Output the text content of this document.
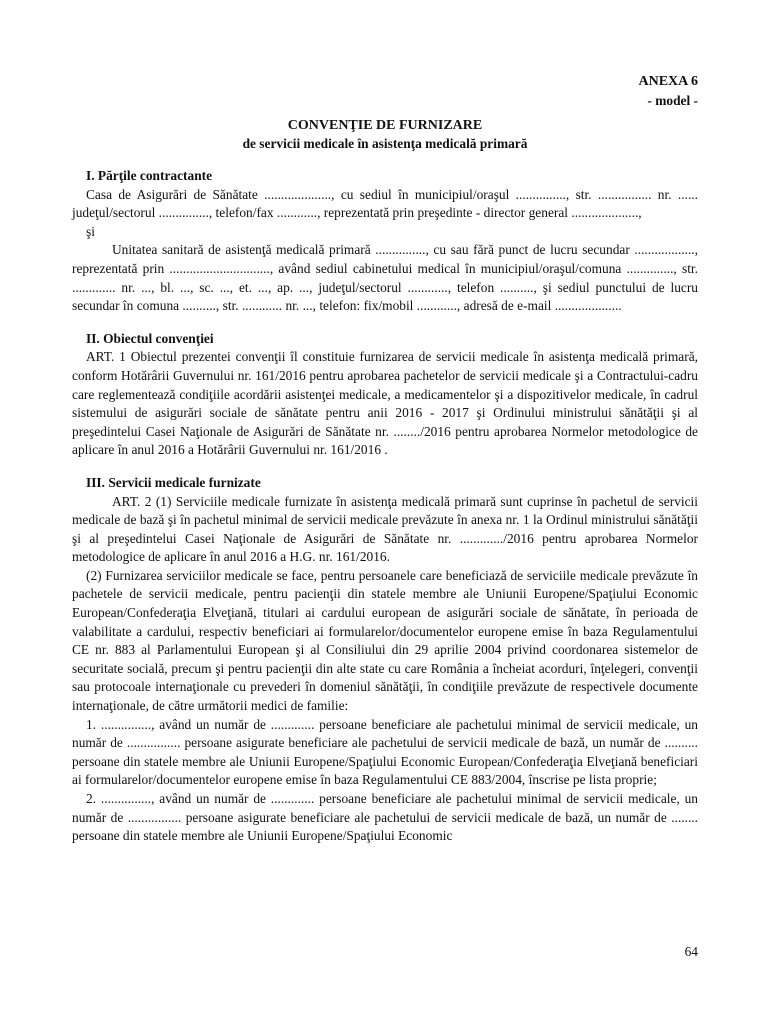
ANEXA 6
- model -
CONVENŢIE DE FURNIZARE
de servicii medicale în asistenţa medicală primară
I. Părţile contractante

Casa de Asigurări de Sănătate ...................., cu sediul în municipiul/oraşul ..............., str. ................ nr. ...... judeţul/sectorul ..............., telefon/fax ............, reprezentată prin preşedinte - director general ....................,

şi

Unitatea sanitară de asistenţă medicală primară ..............., cu sau fără punct de lucru secundar .................., reprezentată prin .............................., având sediul cabinetului medical în municipiul/oraşul/comuna .............., str. ............. nr. ..., bl. ..., sc. ..., et. ..., ap. ..., judeţul/sectorul ............, telefon .........., şi sediul punctului de lucru secundar în comuna .........., str. ............ nr. ..., telefon: fix/mobil ............, adresă de e-mail ....................

II. Obiectul convenţiei

ART. 1 Obiectul prezentei convenţii îl constituie furnizarea de servicii medicale în asistenţa medicală primară, conform Hotărârii Guvernului nr. 161/2016 pentru aprobarea pachetelor de servicii medicale şi a Contractului-cadru care reglementează condiţiile acordării asistenţei medicale, a medicamentelor şi a dispozitivelor medicale, în cadrul sistemului de asigurări sociale de sănătate pentru anii 2016 - 2017 şi Ordinului ministrului sănătăţii şi al preşedintelui Casei Naţionale de Asigurări de Sănătate nr. ......../2016 pentru aprobarea Normelor metodologice de aplicare în anul 2016 a Hotărârii Guvernului nr. 161/2016 .

III. Servicii medicale furnizate

ART. 2 (1) Serviciile medicale furnizate în asistenţa medicală primară sunt cuprinse în pachetul de servicii medicale de bază şi în pachetul minimal de servicii medicale prevăzute în anexa nr. 1 la Ordinul ministrului sănătăţii şi al preşedintelui Casei Naţionale de Asigurări de Sănătate nr. ............./2016 pentru aprobarea Normelor metodologice de aplicare în anul 2016 a H.G. nr. 161/2016.

(2) Furnizarea serviciilor medicale se face, pentru persoanele care beneficiază de serviciile medicale prevăzute în pachetele de servicii medicale, pentru pacienţii din statele membre ale Uniunii Europene/Spaţiului Economic European/Confederaţia Elveţiană, titulari ai cardului european de asigurări sociale de sănătate, în perioada de valabilitate a cardului, respectiv beneficiari ai formularelor/documentelor europene emise în baza Regulamentului CE nr. 883 al Parlamentului European şi al Consiliului din 29 aprilie 2004 privind coordonarea sistemelor de securitate socială, precum şi pentru pacienţii din alte state cu care România a încheiat acorduri, înţelegeri, convenţii sau protocoale internaţionale cu prevederi în domeniul sănătăţii, în condiţiile prevăzute de respectivele documente internaţionale, de către următorii medici de familie:

1. ..............., având un număr de ............. persoane beneficiare ale pachetului minimal de servicii medicale, un număr de ................ persoane asigurate beneficiare ale pachetului de servicii medicale de bază, un număr de .......... persoane din statele membre ale Uniunii Europene/Spaţiului Economic European/Confederaţia Elveţiană beneficiari ai formularelor/documentelor europene emise în baza Regulamentului CE 883/2004, înscrise pe lista proprie;

2. ..............., având un număr de ............. persoane beneficiare ale pachetului minimal de servicii medicale, un număr de ................ persoane asigurate beneficiare ale pachetului de servicii medicale de bază, un număr de ........ persoane din statele membre ale Uniunii Europene/Spaţiului Economic

64
